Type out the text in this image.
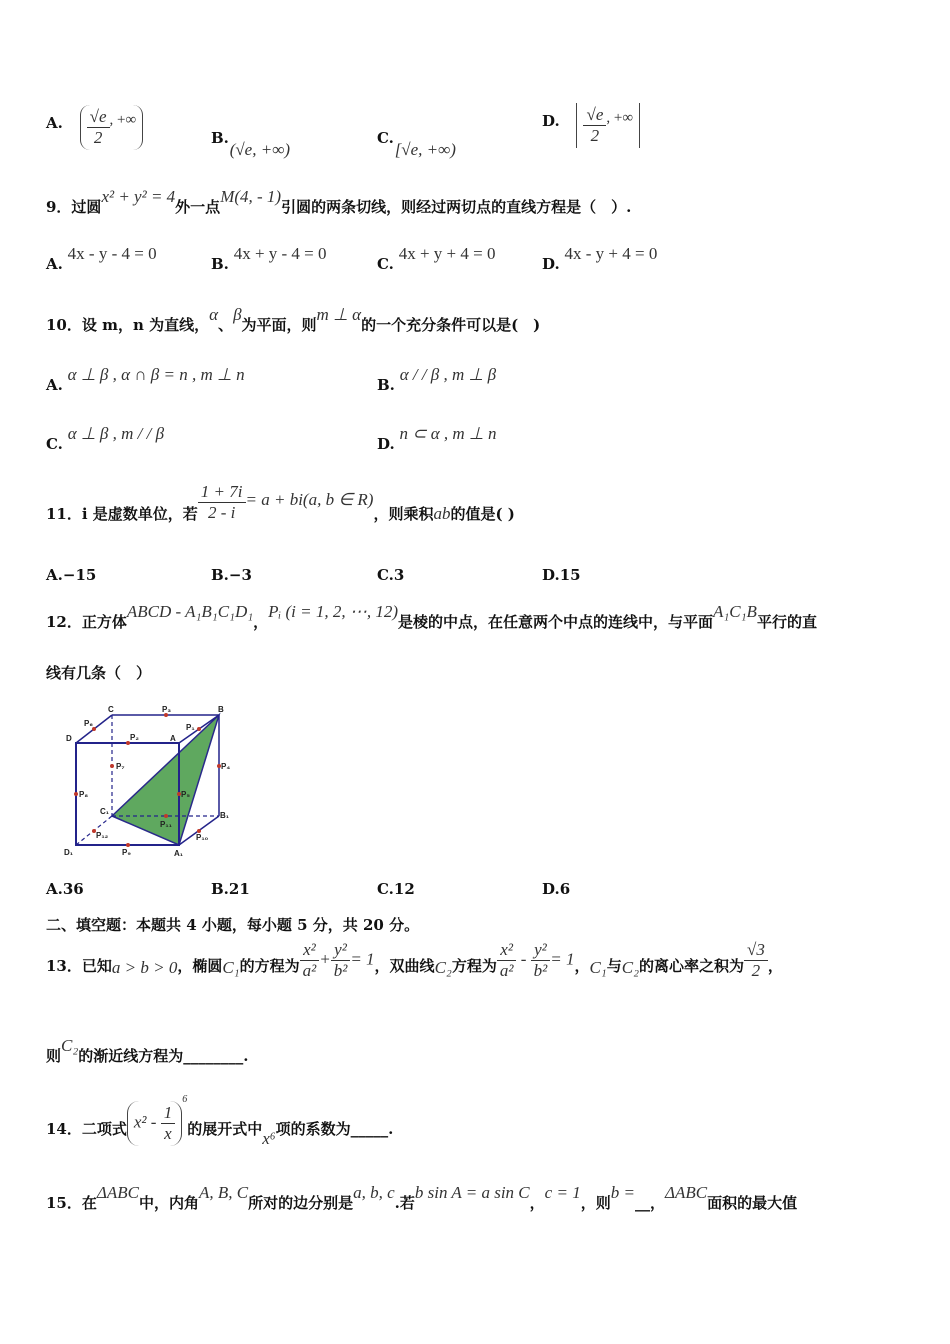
A. $\frac{√e}{2}$ , +∞
B. (√e, +∞)
C. [√e, +∞)
D. $\frac{√e}{2}$ , +∞
9．过圆x² + y² = 4外一点M(4, - 1)引圆的两条切线，则经过两切点的直线方程是（　）.
A. 4x - y - 4 = 0
B. 4x + y - 4 = 0
C. 4x + y + 4 = 0
D. 4x - y + 4 = 0
10．设 m，n 为直线，α、β为平面，则m ⊥ α的一个充分条件可以是(　)
A. α ⊥ β , α ∩ β = n , m ⊥ n
B. α / / β , m ⊥ β
C. α ⊥ β , m / / β
D. n ⊂ α , m ⊥ n
11．i 是虚数单位，若 $\frac{1 + 7i}{2 - i} = a + bi(a$, b ∈ R)，则乘积ab的值是( )
A.−15	B.−3	C.3	D.15
12．正方体ABCD - A₁B₁C₁D₁，Pᵢ (i = 1, 2, ⋯, 12)是棱的中点，在任意两个中点的连线中，与平面A₁C₁B平行的直
线有几条（　）
C	B
D	A
C₁	B₁
D₁	A₁
P₃
P₆	P₁
P₂
P₇	P₄
P₈	P₅
P₁₁
P₁₂	P₁₀
P₉
A.36	B.21	C.12	D.6
二、填空题：本题共 4 小题，每小题 5 分，共 20 分。
13．已知a > b > 0，椭圆C₁的方程为 $\frac{\text{x²}}{\text{a²}} + \frac{\text{y²}}{\text{b²}} = 1$，双曲线C₂方程为 $\frac{\text{x²}}{\text{a²}} - \frac{\text{y²}}{\text{b²}} = 1$，C₁与C₂的离心率之积为 $\frac{√3}{2}$ ，
则C₂的渐近线方程为________.
14．二项式 $x^2 - \frac{1}{x}$
$^6$的展开式中x⁶项的系数为_____.
15．在ΔABC中，内角A, B, C所对的边分别是a, b, c.若b sin A = a sin C，c = 1，则b =__，ΔABC面积的最大值
